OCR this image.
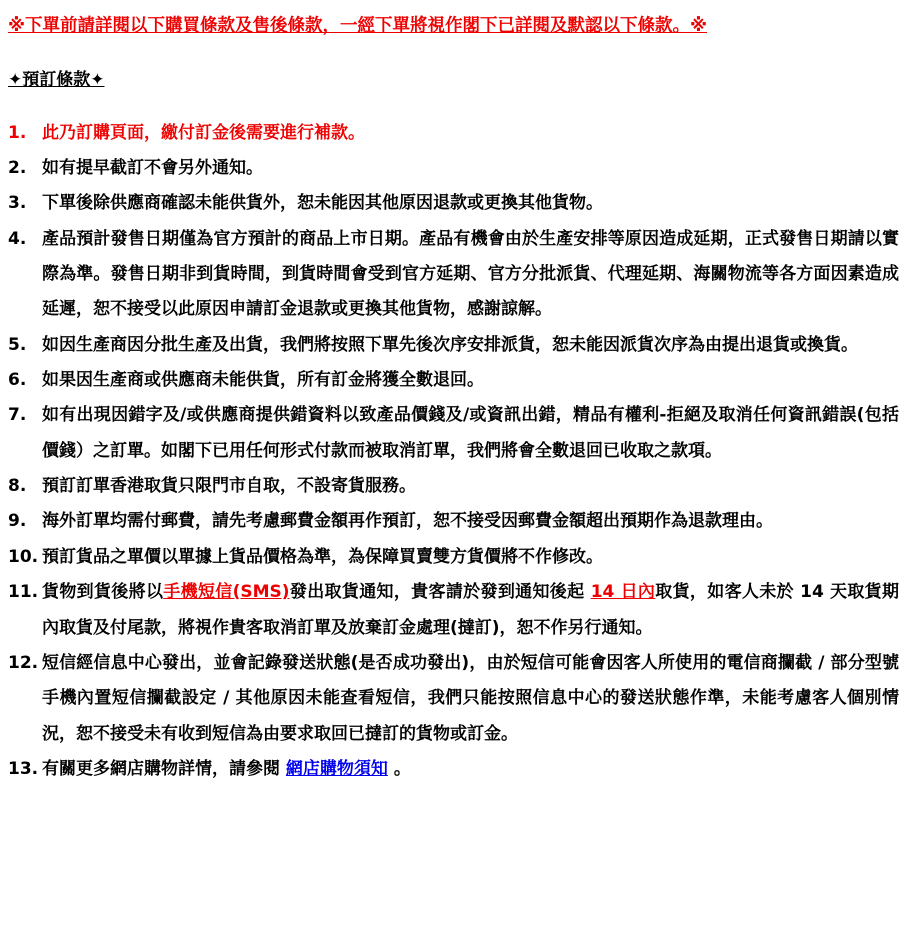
※下單前請詳閱以下購買條款及售後條款，一經下單將視作閣下已詳閱及默認以下條款。※
✦預訂條款✦
1. 此乃訂購頁面，繳付訂金後需要進行補款。
2. 如有提早截訂不會另外通知。
3. 下單後除供應商確認未能供貨外，恕未能因其他原因退款或更換其他貨物。
4. 產品預計發售日期僅為官方預計的商品上市日期。產品有機會由於生產安排等原因造成延期，正式發售日期請以實際為準。發售日期非到貨時間，到貨時間會受到官方延期、官方分批派貨、代理延期、海關物流等各方面因素造成延遲，恕不接受以此原因申請訂金退款或更換其他貨物，感謝諒解。
5. 如因生產商因分批生產及出貨，我們將按照下單先後次序安排派貨，恕未能因派貨次序為由提出退貨或換貨。
6. 如果因生產商或供應商未能供貨，所有訂金將獲全數退回。
7. 如有出現因錯字及/或供應商提供錯資料以致產品價錢及/或資訊出錯，精品有權利-拒絕及取消任何資訊錯誤(包括價錢）之訂單。如閣下已用任何形式付款而被取消訂單，我們將會全數退回已收取之款項。
8. 預訂訂單香港取貨只限門市自取，不設寄貨服務。
9. 海外訂單均需付郵費，請先考慮郵費金額再作預訂，恕不接受因郵費金額超出預期作為退款理由。
10. 預訂貨品之單價以單據上貨品價格為準，為保障買賣雙方貨價將不作修改。
11. 貨物到貨後將以手機短信(SMS)發出取貨通知，貴客請於發到通知後起 14 日內取貨，如客人未於 14 天取貨期內取貨及付尾款，將視作貴客取消訂單及放棄訂金處理(撻訂)，恕不作另行通知。
12. 短信經信息中心發出，並會記錄發送狀態(是否成功發出)，由於短信可能會因客人所使用的電信商攔截 / 部分型號手機內置短信攔截設定 / 其他原因未能查看短信，我們只能按照信息中心的發送狀態作準，未能考慮客人個別情況，恕不接受未有收到短信為由要求取回已撻訂的貨物或訂金。
13. 有關更多網店購物詳情，請參閱 網店購物須知 。
